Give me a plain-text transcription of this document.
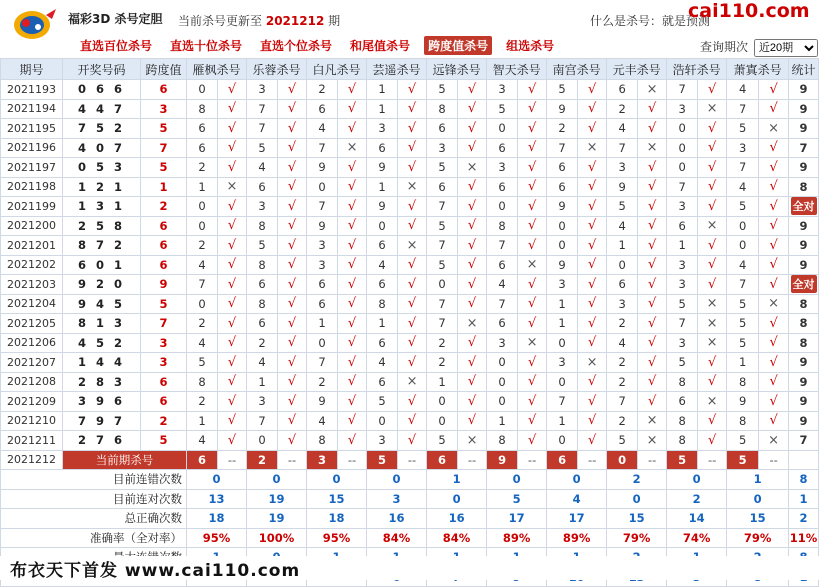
福彩3D 杀号定胆 当前杀号更新至 2021212 期	什么是杀号：就是预测
cai110.com
直选百位杀号 直选十位杀号 直选个位杀号 和尾值杀号 跨度值杀号 组选杀号	查询期次
近20期
期号	开奖号码	跨度值	雁枫杀号		乐蓉杀号		白凡杀号		芸遥杀号		远锋杀号		智天杀号		南宫杀号		元丰杀号		浩轩杀号		萧寘杀号		统计
2021193	0 6 6	6	0	√	3	√	2	√	1	√	5	√	3	√	5	√	6	×	7	√	4	√	9
2021194	4 4 7	3	8	√	7	√	6	√	1	√	8	√	5	√	9	√	2	√	3	×	7	√	9
2021195	7 5 2	5	6	√	7	√	4	√	3	√	6	√	0	√	2	√	4	√	0	√	5	×	9
2021196	4 0 7	7	6	√	5	√	7	×	6	√	3	√	6	√	7	×	7	×	0	√	3	√	7
2021197	0 5 3	5	2	√	4	√	9	√	9	√	5	×	3	√	6	√	3	√	0	√	7	√	9
2021198	1 2 1	1	1	×	6	√	0	√	1	×	6	√	6	√	6	√	9	√	7	√	4	√	8
2021199	1 3 1	2	0	√	3	√	7	√	9	√	7	√	0	√	9	√	5	√	3	√	5	√	全对
2021200	2 5 8	6	0	√	8	√	9	√	0	√	5	√	8	√	0	√	4	√	6	×	0	√	9
2021201	8 7 2	6	2	√	5	√	3	√	6	×	7	√	7	√	0	√	1	√	1	√	0	√	9
2021202	6 0 1	6	4	√	8	√	3	√	4	√	5	√	6	×	9	√	0	√	3	√	4	√	9
2021203	9 2 0	9	7	√	6	√	6	√	6	√	0	√	4	√	3	√	6	√	3	√	7	√	全对
2021204	9 4 5	5	0	√	8	√	6	√	8	√	7	√	7	√	1	√	3	√	5	×	5	×	8
2021205	8 1 3	7	2	√	6	√	1	√	1	√	7	×	6	√	1	√	2	√	7	×	5	√	8
2021206	4 5 2	3	4	√	2	√	0	√	6	√	2	√	3	×	0	√	4	√	3	×	5	√	8
2021207	1 4 4	3	5	√	4	√	7	√	4	√	2	√	0	√	3	×	2	√	5	√	1	√	9
2021208	2 8 3	6	8	√	1	√	2	√	6	×	1	√	0	√	0	√	2	√	8	√	8	√	9
2021209	3 9 6	6	2	√	3	√	9	√	5	√	0	√	0	√	7	√	7	√	6	×	9	√	9
2021210	7 9 7	2	1	√	7	√	4	√	0	√	0	√	1	√	1	√	2	×	8	√	8	√	9
2021211	2 7 6	5	4	√	0	√	8	√	3	√	5	×	8	√	0	√	5	×	8	√	5	×	7
2021212	当前期杀号		6	--	2	--	3	--	5	--	6	--	9	--	6	--	0	--	5	--	5	--	
目前连错次数			0		0		0		0		1		0		0		2		0		1		8
目前连对次数			13		19		15		3		0		5		4		0		2		0		1
总正确次数			18		19		18		16		16		17		17		15		14		15		2
准确率（全对率）			95%		100%		95%		84%		84%		89%		89%		79%		74%		79%		11%

布衣天下首发 www.cai110.com
